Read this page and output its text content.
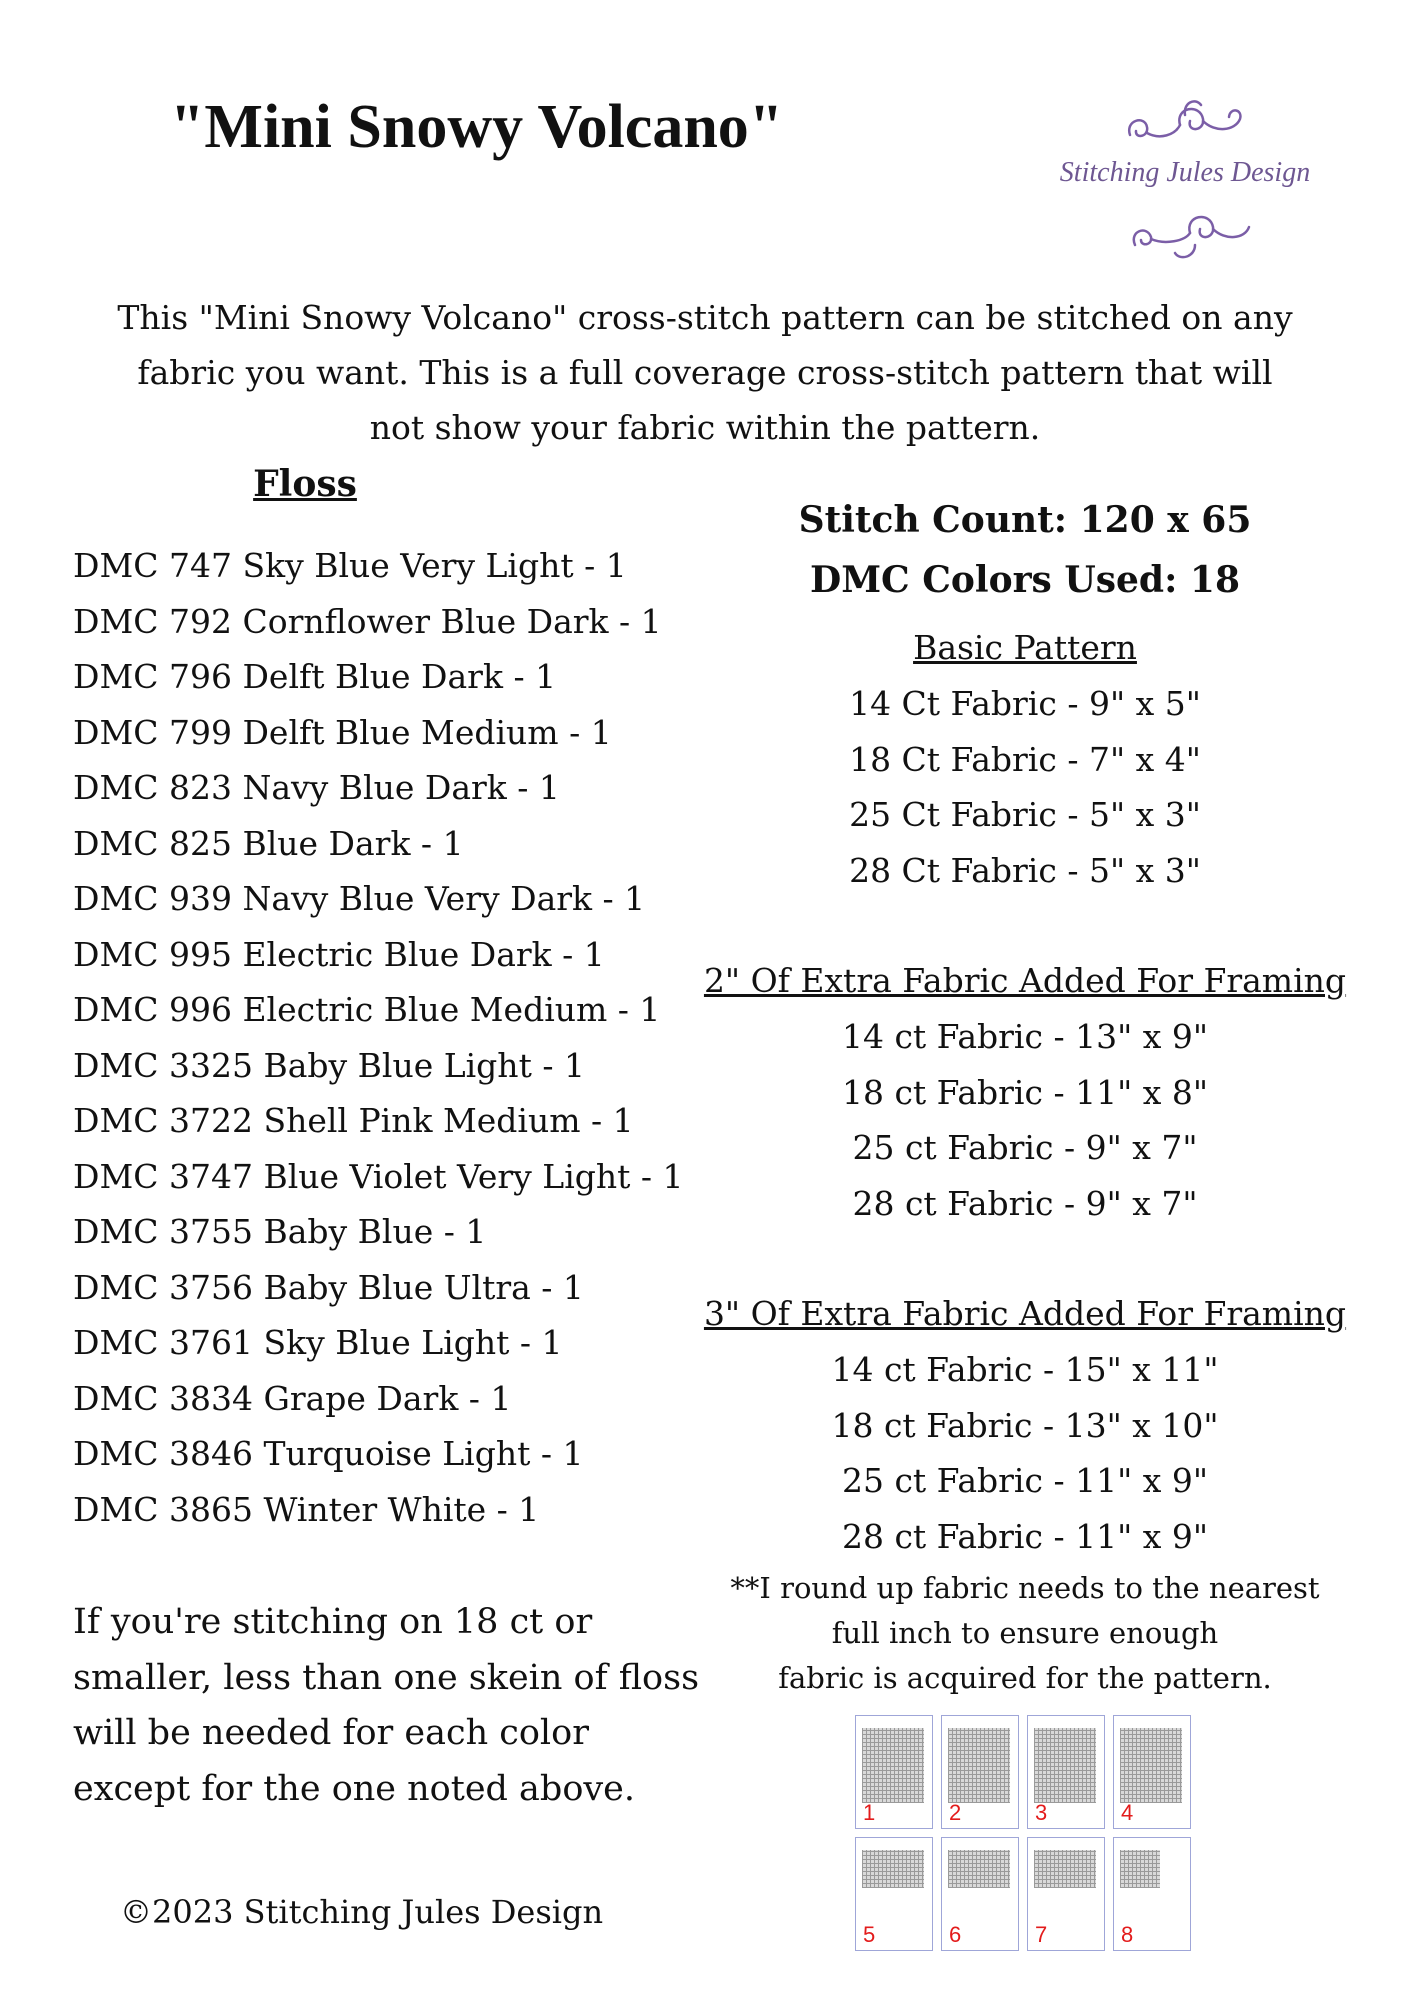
"Mini Snowy Volcano"
Stitching Jules Design
This "Mini Snowy Volcano" cross-stitch pattern can be stitched on any fabric you want. This is a full coverage cross-stitch pattern that will not show your fabric within the pattern.
Floss
DMC 747 Sky Blue Very Light - 1
DMC 792 Cornflower Blue Dark - 1
DMC 796 Delft Blue Dark - 1
DMC 799 Delft Blue Medium - 1
DMC 823 Navy Blue Dark - 1
DMC 825 Blue Dark - 1
DMC 939 Navy Blue Very Dark - 1
DMC 995 Electric Blue Dark - 1
DMC 996 Electric Blue Medium - 1
DMC 3325 Baby Blue Light - 1
DMC 3722 Shell Pink Medium - 1
DMC 3747 Blue Violet Very Light - 1
DMC 3755 Baby Blue - 1
DMC 3756 Baby Blue Ultra - 1
DMC 3761 Sky Blue Light - 1
DMC 3834 Grape Dark - 1
DMC 3846 Turquoise Light - 1
DMC 3865 Winter White - 1
If you're stitching on 18 ct or smaller, less than one skein of floss will be needed for each color except for the one noted above.
©2023 Stitching Jules Design
Stitch Count: 120 x 65
DMC Colors Used: 18
Basic Pattern
14 Ct Fabric - 9" x 5"
18 Ct Fabric - 7" x 4"
25 Ct Fabric - 5" x 3"
28 Ct Fabric - 5" x 3"
2" Of Extra Fabric Added For Framing
14 ct Fabric - 13" x 9"
18 ct Fabric - 11" x 8"
25 ct Fabric - 9" x 7"
28 ct Fabric - 9" x 7"
3" Of Extra Fabric Added For Framing
14 ct Fabric - 15" x 11"
18 ct Fabric - 13" x 10"
25 ct Fabric - 11" x 9"
28 ct Fabric - 11" x 9"
**I round up fabric needs to the nearest
full inch to ensure enough
fabric is acquired for the pattern.
1	2	3	4
5	6	7	8
